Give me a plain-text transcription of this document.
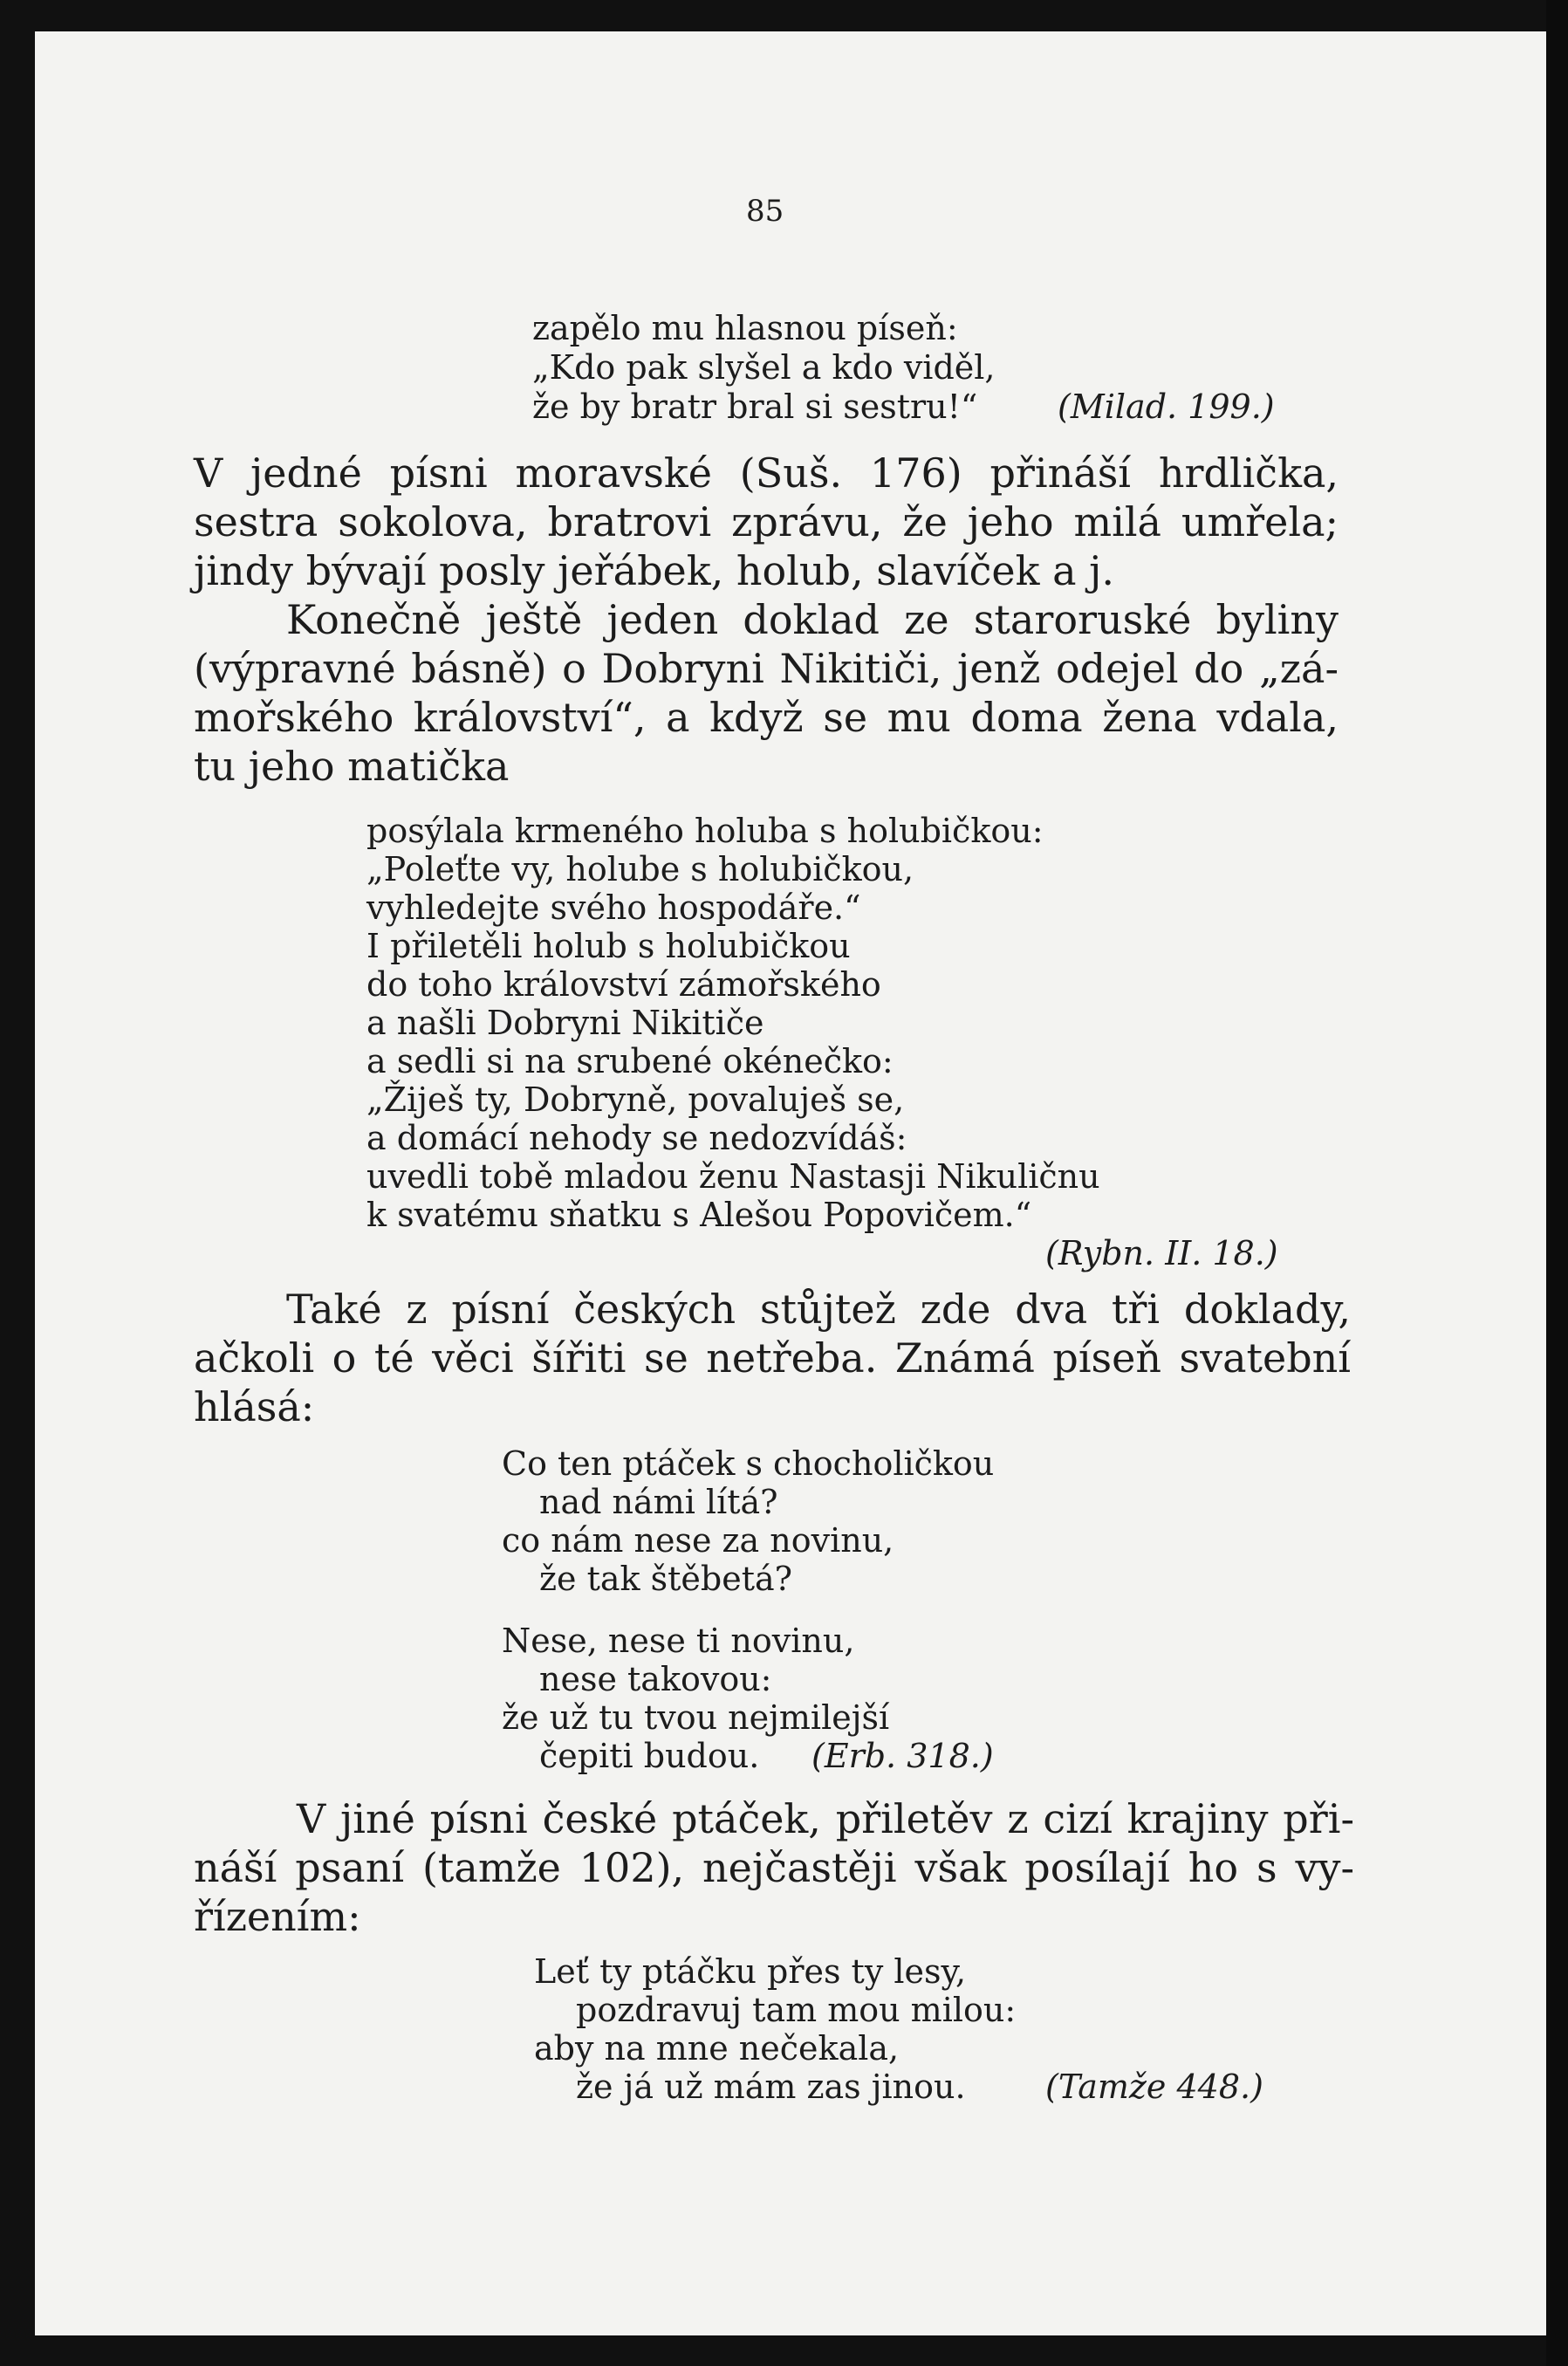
85
zapělo mu hlasnou píseň:
„Kdo pak slyšel a kdo viděl,
že by bratr bral si sestru!“ (Milad. 199.)
V jedné písni moravské (Suš. 176) přináší hrdlička,
sestra sokolova, bratrovi zprávu, že jeho milá umřela;
jindy bývají posly jeřábek, holub, slavíček a j.
Konečně ještě jeden doklad ze staroruské byliny
(výpravné básně) o Dobryni Nikitiči, jenž odejel do „zá-
mořského království“, a když se mu doma žena vdala,
tu jeho matička
posýlala krmeného holuba s holubičkou:
„Poleťte vy, holube s holubičkou,
vyhledejte svého hospodáře.“
I přiletěli holub s holubičkou
do toho království zámořského
a našli Dobryni Nikitiče
a sedli si na srubené okénečko:
„Žiješ ty, Dobryně, povaluješ se,
a domácí nehody se nedozvídáš:
uvedli tobě mladou ženu Nastasji Nikuličnu
k svatému sňatku s Alešou Popovičem.“
(Rybn. II. 18.)
Také z písní českých stůjtež zde dva tři doklady,
ačkoli o té věci šířiti se netřeba. Známá píseň svatební
hlásá:
Co ten ptáček s chocholičkou
nad námi lítá?
co nám nese za novinu,
že tak štěbetá?
Nese, nese ti novinu,
nese takovou:
že už tu tvou nejmilejší
čepiti budou. (Erb. 318.)
V jiné písni české ptáček, přiletěv z cizí krajiny při-
náší psaní (tamže 102), nejčastěji však posílají ho s vy-
řízením:
Leť ty ptáčku přes ty lesy,
pozdravuj tam mou milou:
aby na mne nečekala,
že já už mám zas jinou. (Tamže 448.)
